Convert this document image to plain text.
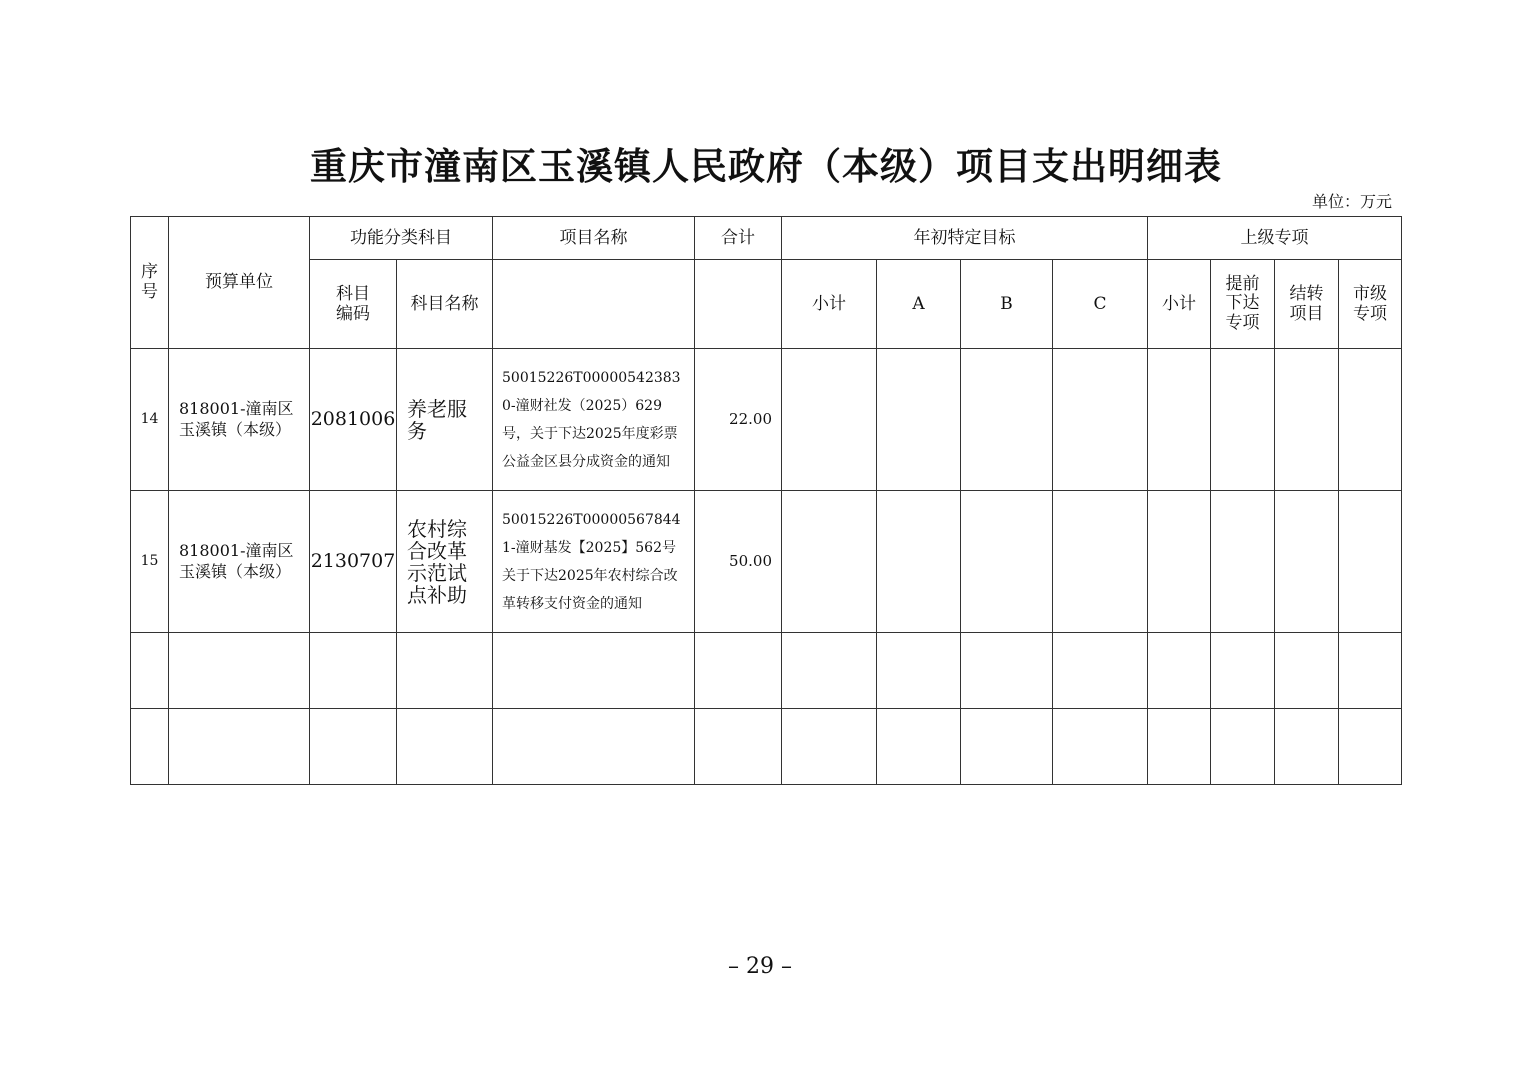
重庆市潼南区玉溪镇人民政府（本级）项目支出明细表
单位：万元
序号	预算单位	功能分类科目		项目名称	合计	年初特定目标				上级专项			

		科目编码	科目名称			小计	A	B	C	小计	提前下达专项	结转项目	市级专项

14	818001-潼南区玉溪镇（本级）	2081006	养老服务	50015226T000005423830-潼财社发（2025）629号，关于下达2025年度彩票公益金区县分成资金的通知	22.00								
15	818001-潼南区玉溪镇（本级）	2130707	农村综合改革示范试点补助	50015226T000005678441-潼财基发【2025】562号关于下达2025年农村综合改革转移支付资金的通知	50.00								

– 29 –
